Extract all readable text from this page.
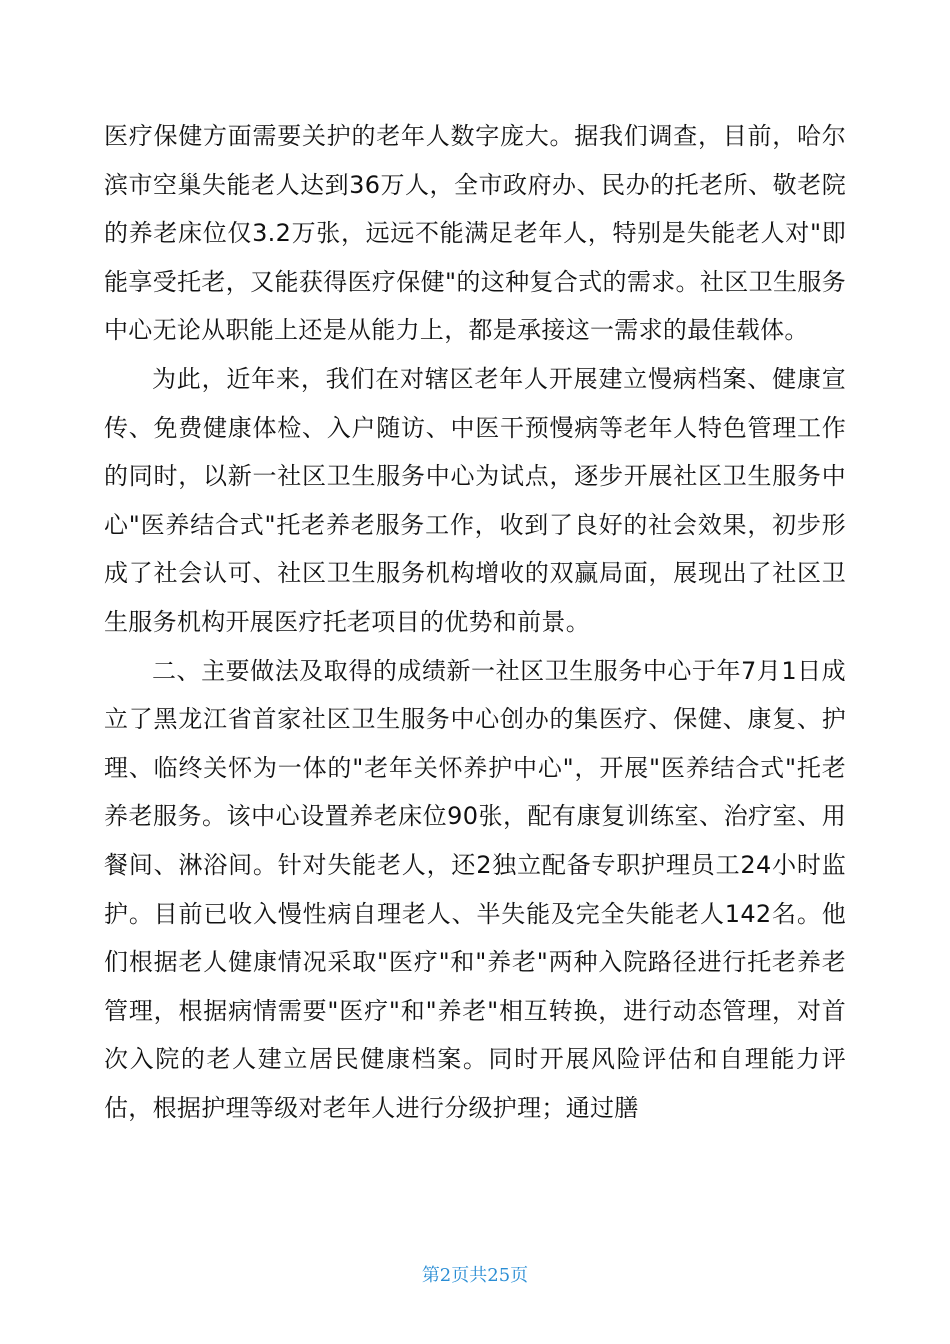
医疗保健方面需要关护的老年人数字庞大。据我们调查，目前，哈尔滨市空巢失能老人达到36万人，全市政府办、民办的托老所、敬老院的养老床位仅3.2万张，远远不能满足老年人，特别是失能老人对"即能享受托老，又能获得医疗保健"的这种复合式的需求。社区卫生服务中心无论从职能上还是从能力上，都是承接这一需求的最佳载体。

为此，近年来，我们在对辖区老年人开展建立慢病档案、健康宣传、免费健康体检、入户随访、中医干预慢病等老年人特色管理工作的同时，以新一社区卫生服务中心为试点，逐步开展社区卫生服务中心"医养结合式"托老养老服务工作，收到了良好的社会效果，初步形成了社会认可、社区卫生服务机构增收的双赢局面，展现出了社区卫生服务机构开展医疗托老项目的优势和前景。

二、主要做法及取得的成绩新一社区卫生服务中心于年7月1日成立了黑龙江省首家社区卫生服务中心创办的集医疗、保健、康复、护理、临终关怀为一体的"老年关怀养护中心"，开展"医养结合式"托老养老服务。该中心设置养老床位90张，配有康复训练室、治疗室、用餐间、淋浴间。针对失能老人，还2独立配备专职护理员工24小时监护。目前已收入慢性病自理老人、半失能及完全失能老人142名。他们根据老人健康情况采取"医疗"和"养老"两种入院路径进行托老养老管理，根据病情需要"医疗"和"养老"相互转换，进行动态管理，对首次入院的老人建立居民健康档案。同时开展风险评估和自理能力评估，根据护理等级对老年人进行分级护理；通过膳

第2页共25页
